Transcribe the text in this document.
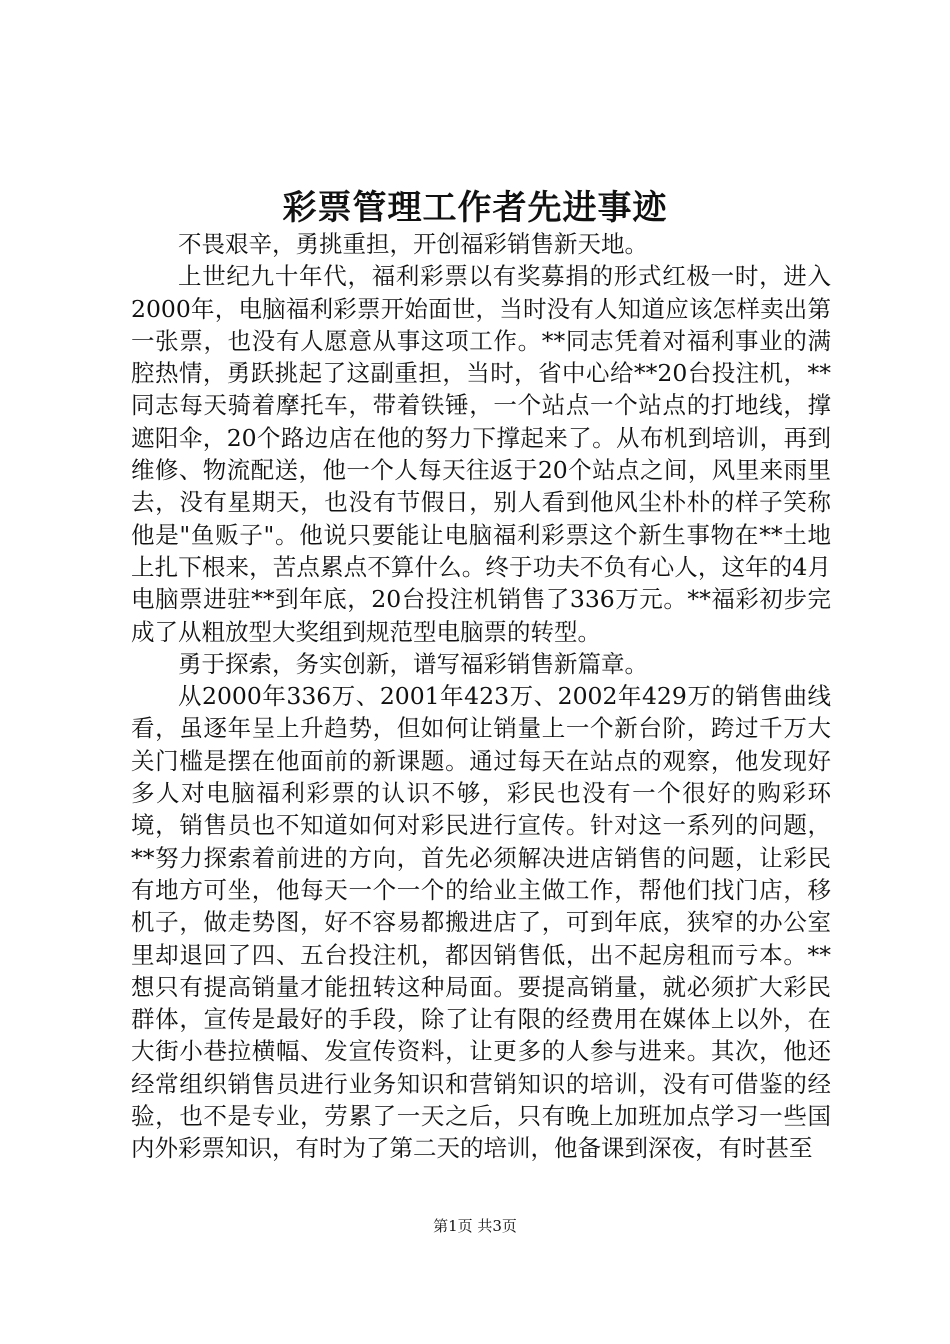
彩票管理工作者先进事迹

不畏艰辛，勇挑重担，开创福彩销售新天地。

上世纪九十年代，福利彩票以有奖募捐的形式红极一时，进入2000年，电脑福利彩票开始面世，当时没有人知道应该怎样卖出第一张票，也没有人愿意从事这项工作。**同志凭着对福利事业的满腔热情，勇跃挑起了这副重担，当时，省中心给**20台投注机，**同志每天骑着摩托车，带着铁锤，一个站点一个站点的打地线，撑遮阳伞，20个路边店在他的努力下撑起来了。从布机到培训，再到维修、物流配送，他一个人每天往返于20个站点之间，风里来雨里去，没有星期天，也没有节假日，别人看到他风尘朴朴的样子笑称他是"鱼贩子"。他说只要能让电脑福利彩票这个新生事物在**土地上扎下根来，苦点累点不算什么。终于功夫不负有心人，这年的4月电脑票进驻**到年底，20台投注机销售了336万元。**福彩初步完成了从粗放型大奖组到规范型电脑票的转型。

勇于探索，务实创新，谱写福彩销售新篇章。

从2000年336万、2001年423万、2002年429万的销售曲线看，虽逐年呈上升趋势，但如何让销量上一个新台阶，跨过千万大关门槛是摆在他面前的新课题。通过每天在站点的观察，他发现好多人对电脑福利彩票的认识不够，彩民也没有一个很好的购彩环境，销售员也不知道如何对彩民进行宣传。针对这一系列的问题，**努力探索着前进的方向，首先必须解决进店销售的问题，让彩民有地方可坐，他每天一个一个的给业主做工作，帮他们找门店，移机子，做走势图，好不容易都搬进店了，可到年底，狭窄的办公室里却退回了四、五台投注机，都因销售低，出不起房租而亏本。**想只有提高销量才能扭转这种局面。要提高销量，就必须扩大彩民群体，宣传是最好的手段，除了让有限的经费用在媒体上以外，在大街小巷拉横幅、发宣传资料，让更多的人参与进来。其次，他还经常组织销售员进行业务知识和营销知识的培训，没有可借鉴的经验，也不是专业，劳累了一天之后，只有晚上加班加点学习一些国内外彩票知识，有时为了第二天的培训，他备课到深夜，有时甚至

第1页 共3页
